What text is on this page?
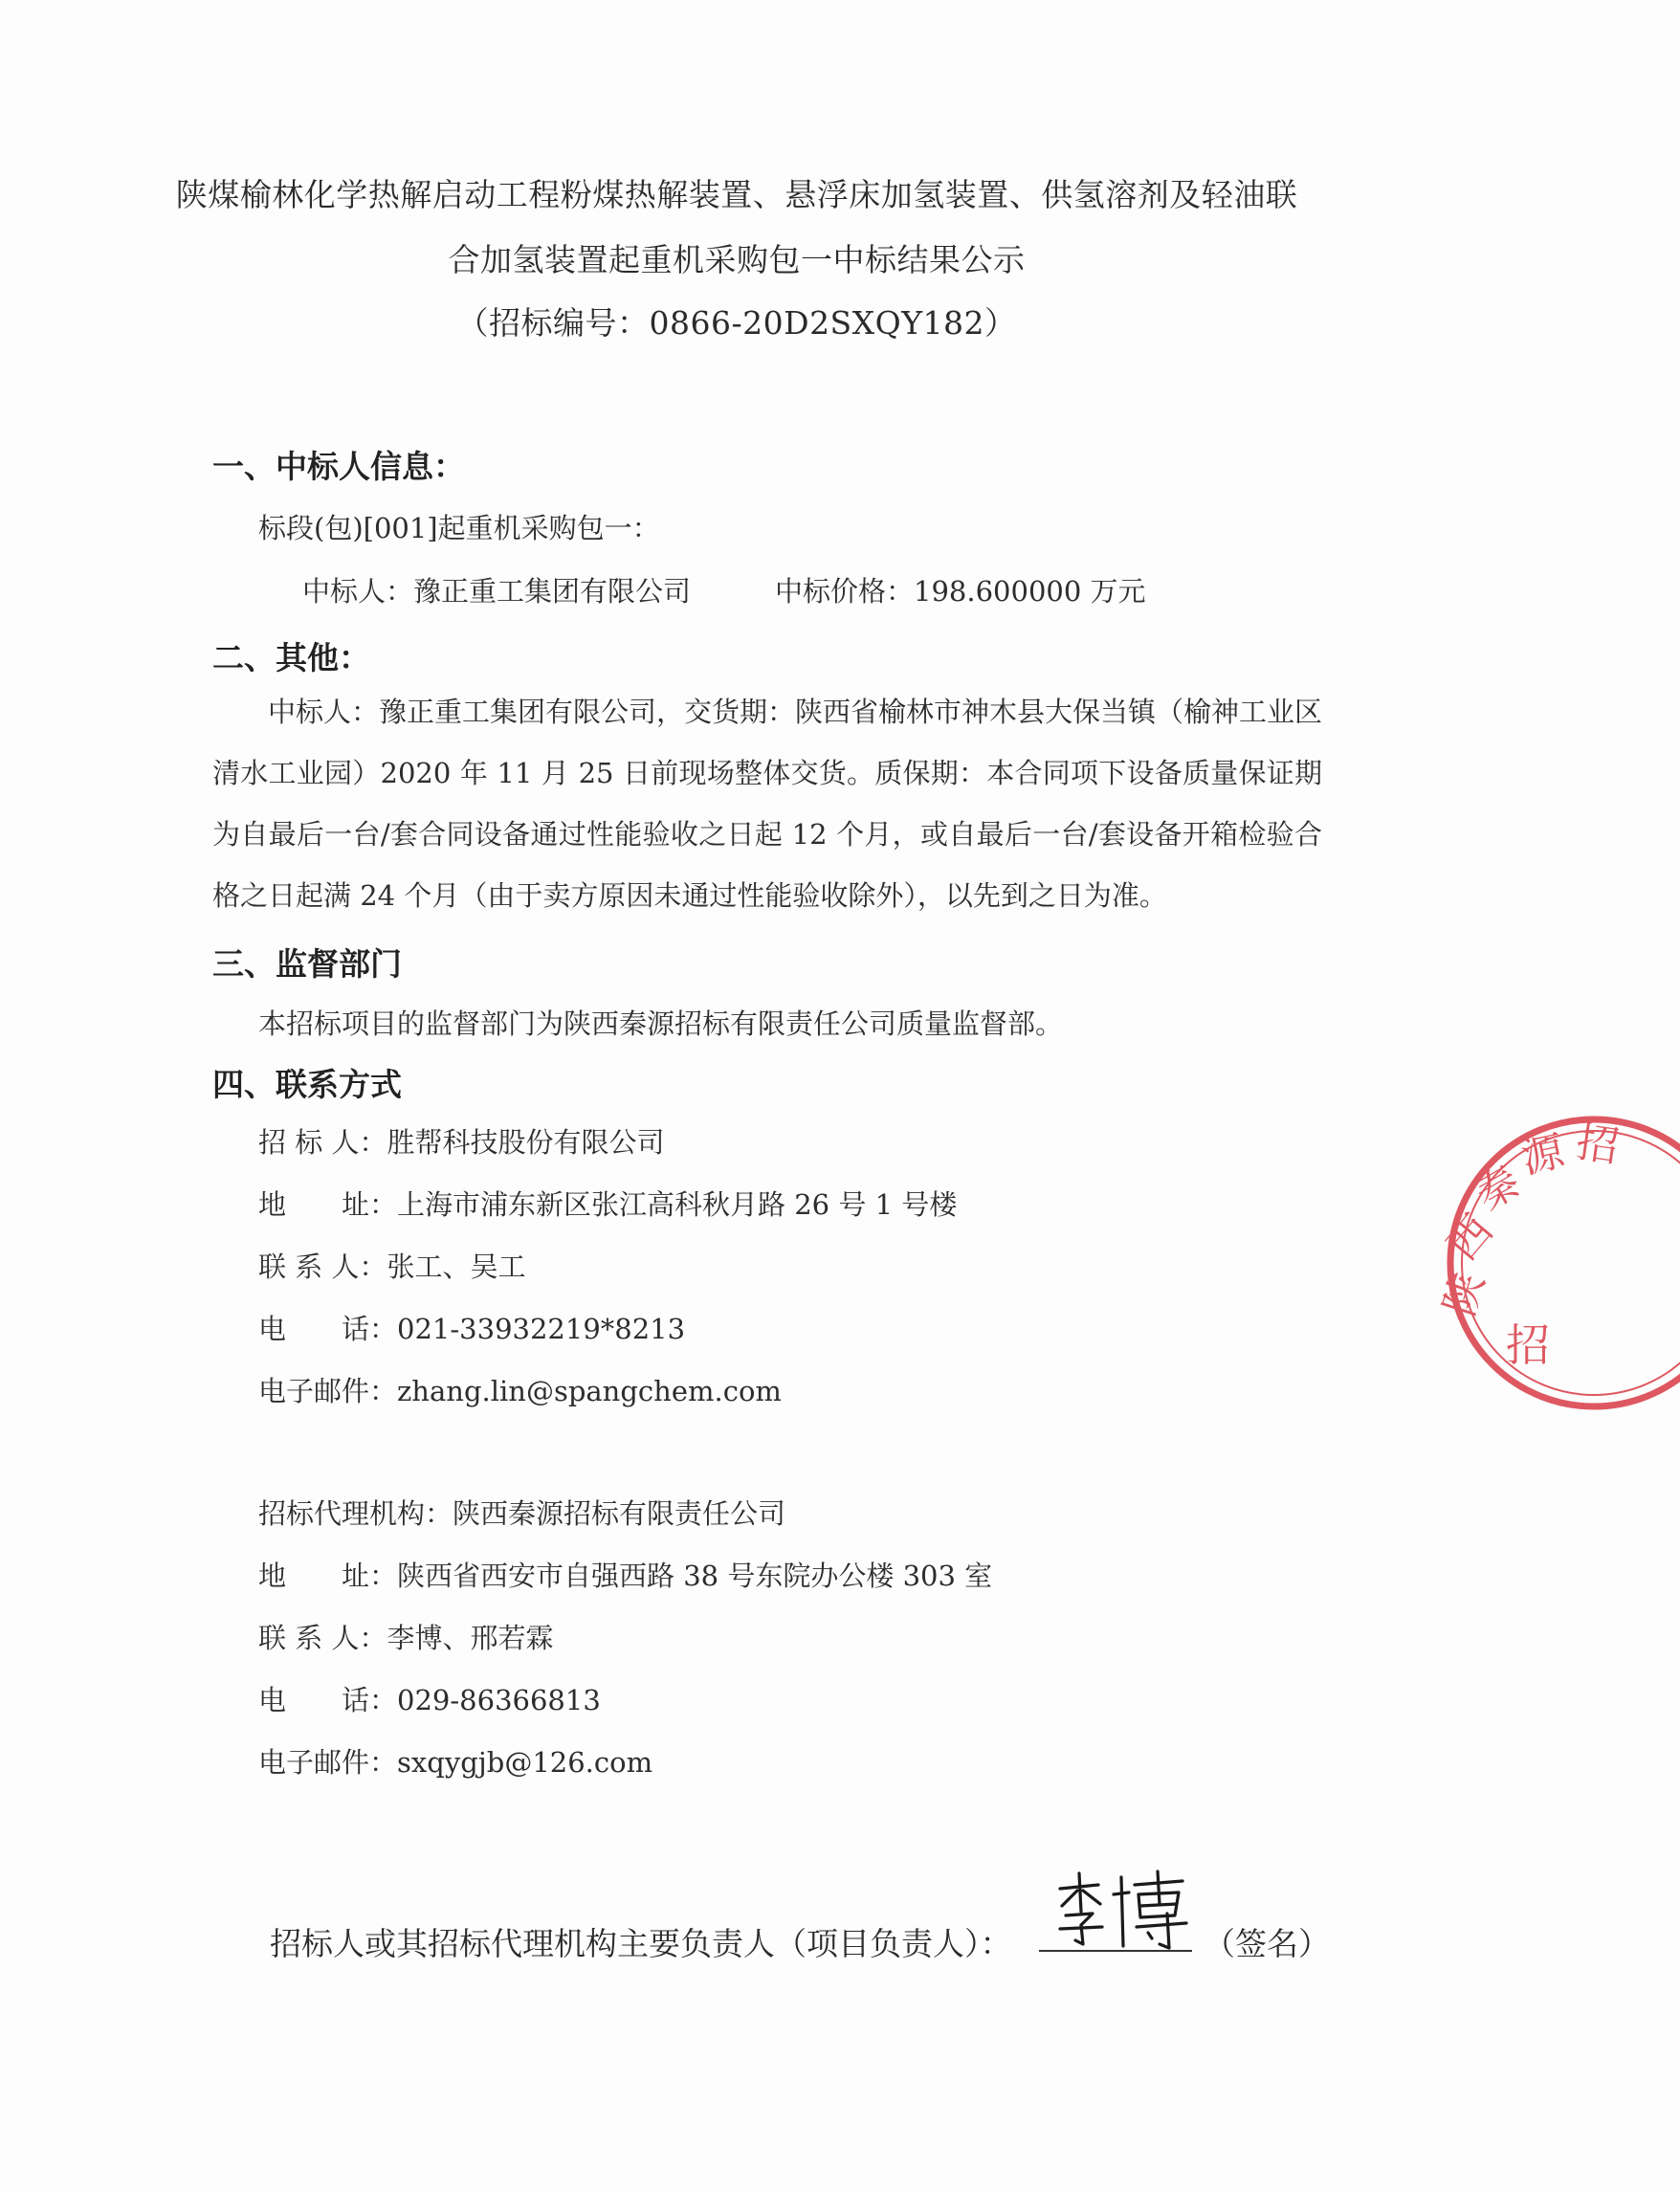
陕煤榆林化学热解启动工程粉煤热解装置、悬浮床加氢装置、供氢溶剂及轻油联
合加氢装置起重机采购包一中标结果公示
（招标编号：0866-20D2SXQY182）
一、中标人信息：
标段(包)[001]起重机采购包一：
中标人：豫正重工集团有限公司	中标价格：198.600000 万元
二、其他：
中标人：豫正重工集团有限公司，交货期：陕西省榆林市神木县大保当镇（榆神工业区清水工业园）2020 年 11 月 25 日前现场整体交货。质保期：本合同项下设备质量保证期为自最后一台/套合同设备通过性能验收之日起 12 个月，或自最后一台/套设备开箱检验合格之日起满 24 个月（由于卖方原因未通过性能验收除外），以先到之日为准。
三、监督部门
本招标项目的监督部门为陕西秦源招标有限责任公司质量监督部。
四、联系方式
招 标 人：胜帮科技股份有限公司
地　　址：上海市浦东新区张江高科秋月路 26 号 1 号楼
联 系 人：张工、吴工
电　　话：021-33932219*8213
电子邮件：zhang.lin@spangchem.com
招标代理机构：陕西秦源招标有限责任公司
地　　址：陕西省西安市自强西路 38 号东院办公楼 303 室
联 系 人：李博、邢若霖
电　　话：029-86366813
电子邮件：sxqygjb@126.com
陕
西
秦
源 招
招
招标人或其招标代理机构主要负责人（项目负责人）：	（签名）
